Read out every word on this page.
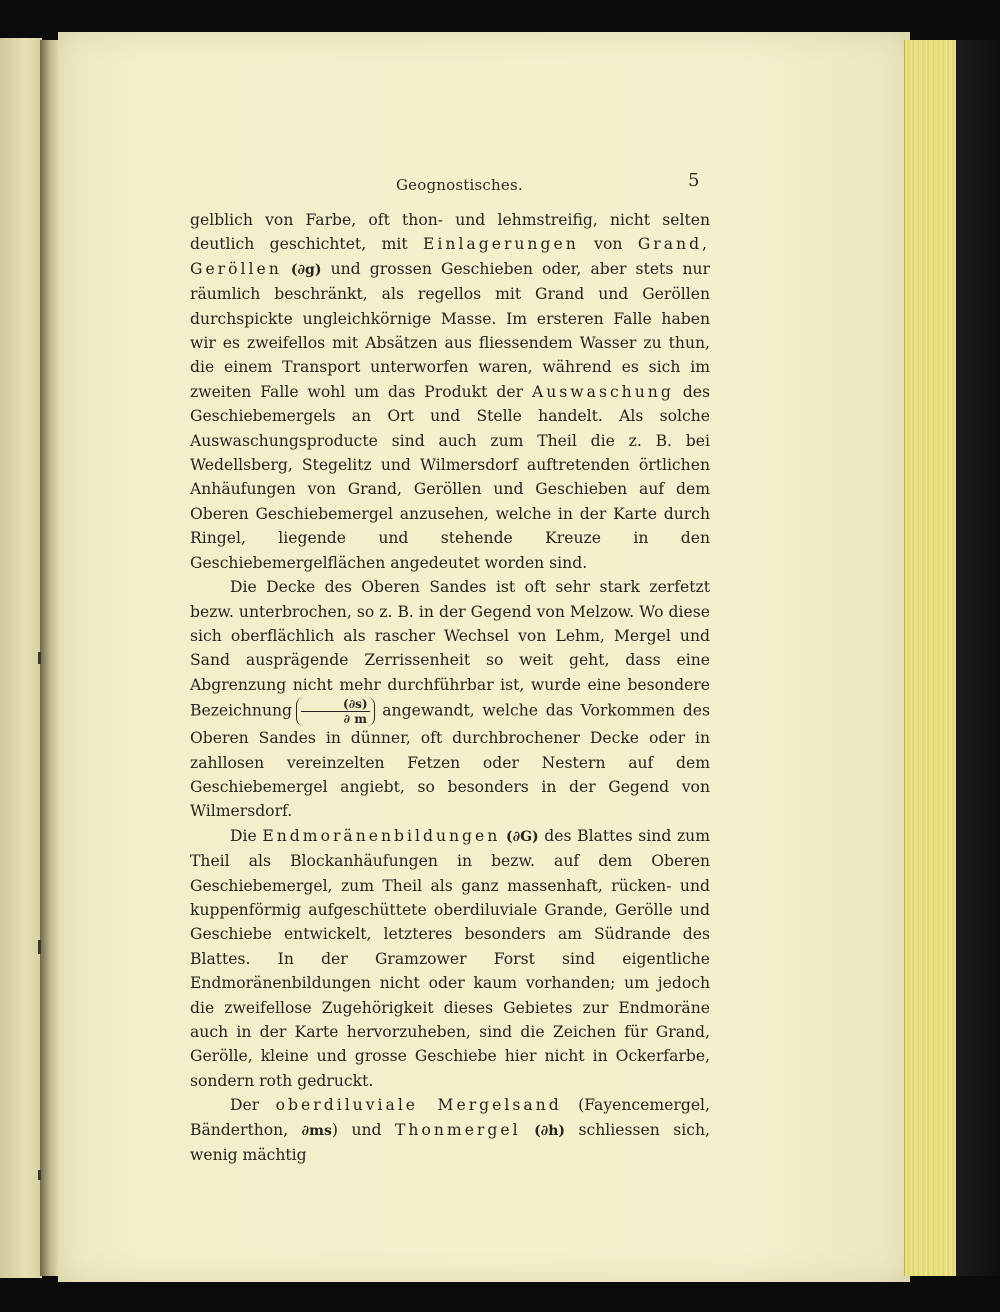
Geognostisches.	5

gelblich von Farbe, oft thon- und lehmstreifig, nicht selten deutlich geschichtet, mit Einlagerungen von Grand, Geröllen (∂g) und grossen Geschieben oder, aber stets nur räumlich beschränkt, als regellos mit Grand und Geröllen durchspickte ungleichkörnige Masse. Im ersteren Falle haben wir es zweifellos mit Absätzen aus fliessendem Wasser zu thun, die einem Transport unterworfen waren, während es sich im zweiten Falle wohl um das Produkt der Auswaschung des Geschiebemergels an Ort und Stelle handelt. Als solche Auswaschungsproducte sind auch zum Theil die z. B. bei Wedellsberg, Stegelitz und Wilmersdorf auftretenden örtlichen Anhäufungen von Grand, Geröllen und Geschieben auf dem Oberen Geschiebemergel anzusehen, welche in der Karte durch Ringel, liegende und stehende Kreuze in den Geschiebemergelflächen angedeutet worden sind.

Die Decke des Oberen Sandes ist oft sehr stark zerfetzt bezw. unterbrochen, so z. B. in der Gegend von Melzow. Wo diese sich oberflächlich als rascher Wechsel von Lehm, Mergel und Sand ausprägende Zerrissenheit so weit geht, dass eine Abgrenzung nicht mehr durchführbar ist, wurde eine besondere Bezeichnung $\frac{(\partial s)}{\partial m}$ angewandt, welche das Vorkommen des Oberen Sandes in dünner, oft durchbrochener Decke oder in zahllosen vereinzelten Fetzen oder Nestern auf dem Geschiebemergel angiebt, so besonders in der Gegend von Wilmersdorf.

Die Endmoränenbildungen (∂G) des Blattes sind zum Theil als Blockanhäufungen in bezw. auf dem Oberen Geschiebemergel, zum Theil als ganz massenhaft, rücken- und kuppenförmig aufgeschüttete oberdiluviale Grande, Gerölle und Geschiebe entwickelt, letzteres besonders am Südrande des Blattes. In der Gramzower Forst sind eigentliche Endmoränenbildungen nicht oder kaum vorhanden; um jedoch die zweifellose Zugehörigkeit dieses Gebietes zur Endmoräne auch in der Karte hervorzuheben, sind die Zeichen für Grand, Gerölle, kleine und grosse Geschiebe hier nicht in Ockerfarbe, sondern roth gedruckt.

Der oberdiluviale Mergelsand (Fayencemergel, Bänderthon, ∂ms) und Thonmergel (∂h) schliessen sich, wenig mächtig
